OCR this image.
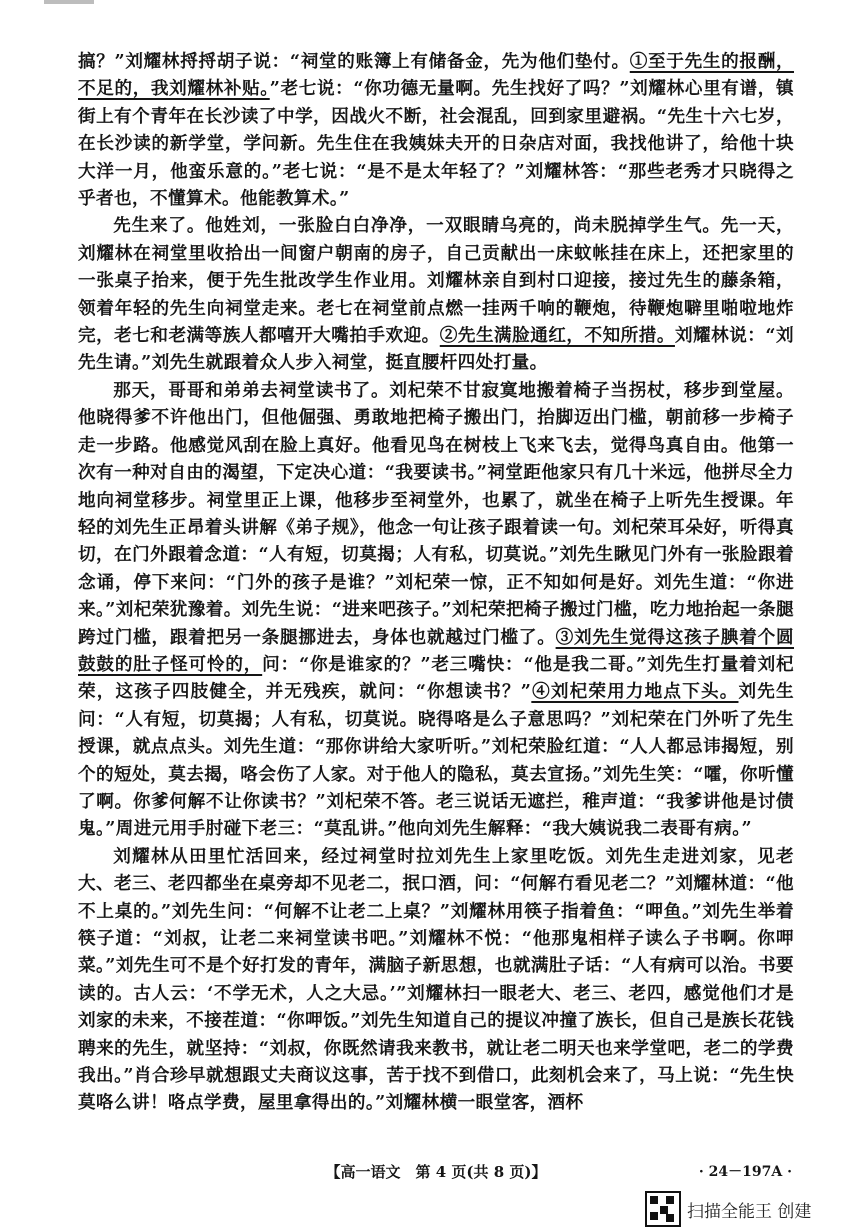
搞？”刘耀林捋捋胡子说：“祠堂的账簿上有储备金，先为他们垫付。①至于先生的报酬，不足的，我刘耀林补贴。”老七说：“你功德无量啊。先生找好了吗？”刘耀林心里有谱，镇街上有个青年在长沙读了中学，因战火不断，社会混乱，回到家里避祸。“先生十六七岁，在长沙读的新学堂，学问新。先生住在我姨妹夫开的日杂店对面，我找他讲了，给他十块大洋一月，他蛮乐意的。”老七说：“是不是太年轻了？”刘耀林答：“那些老秀才只晓得之乎者也，不懂算术。他能教算术。”

先生来了。他姓刘，一张脸白白净净，一双眼睛乌亮的，尚未脱掉学生气。先一天，刘耀林在祠堂里收拾出一间窗户朝南的房子，自己贡献出一床蚊帐挂在床上，还把家里的一张桌子抬来，便于先生批改学生作业用。刘耀林亲自到村口迎接，接过先生的藤条箱，领着年轻的先生向祠堂走来。老七在祠堂前点燃一挂两千响的鞭炮，待鞭炮噼里啪啦地炸完，老七和老满等族人都嘻开大嘴拍手欢迎。②先生满脸通红，不知所措。刘耀林说：“刘先生请。”刘先生就跟着众人步入祠堂，挺直腰杆四处打量。

那天，哥哥和弟弟去祠堂读书了。刘杞荣不甘寂寞地搬着椅子当拐杖，移步到堂屋。他晓得爹不许他出门，但他倔强、勇敢地把椅子搬出门，抬脚迈出门槛，朝前移一步椅子走一步路。他感觉风刮在脸上真好。他看见鸟在树枝上飞来飞去，觉得鸟真自由。他第一次有一种对自由的渴望，下定决心道：“我要读书。”祠堂距他家只有几十米远，他拼尽全力地向祠堂移步。祠堂里正上课，他移步至祠堂外，也累了，就坐在椅子上听先生授课。年轻的刘先生正昂着头讲解《弟子规》，他念一句让孩子跟着读一句。刘杞荣耳朵好，听得真切，在门外跟着念道：“人有短，切莫揭；人有私，切莫说。”刘先生瞅见门外有一张脸跟着念诵，停下来问：“门外的孩子是谁？”刘杞荣一惊，正不知如何是好。刘先生道：“你进来。”刘杞荣犹豫着。刘先生说：“进来吧孩子。”刘杞荣把椅子搬过门槛，吃力地抬起一条腿跨过门槛，跟着把另一条腿挪进去，身体也就越过门槛了。③刘先生觉得这孩子腆着个圆鼓鼓的肚子怪可怜的，问：“你是谁家的？”老三嘴快：“他是我二哥。”刘先生打量着刘杞荣，这孩子四肢健全，并无残疾，就问：“你想读书？”④刘杞荣用力地点下头。刘先生问：“人有短，切莫揭；人有私，切莫说。晓得咯是么子意思吗？”刘杞荣在门外听了先生授课，就点点头。刘先生道：“那你讲给大家听听。”刘杞荣脸红道：“人人都忌讳揭短，别个的短处，莫去揭，咯会伤了人家。对于他人的隐私，莫去宣扬。”刘先生笑：“嚯，你听懂了啊。你爹何解不让你读书？”刘杞荣不答。老三说话无遮拦，稚声道：“我爹讲他是讨债鬼。”周进元用手肘碰下老三：“莫乱讲。”他向刘先生解释：“我大姨说我二表哥有病。”

刘耀林从田里忙活回来，经过祠堂时拉刘先生上家里吃饭。刘先生走进刘家，见老大、老三、老四都坐在桌旁却不见老二，抿口酒，问：“何解冇看见老二？”刘耀林道：“他不上桌的。”刘先生问：“何解不让老二上桌？”刘耀林用筷子指着鱼：“呷鱼。”刘先生举着筷子道：“刘叔，让老二来祠堂读书吧。”刘耀林不悦：“他那鬼相样子读么子书啊。你呷菜。”刘先生可不是个好打发的青年，满脑子新思想，也就满肚子话：“人有病可以治。书要读的。古人云：‘不学无术，人之大忌。’”刘耀林扫一眼老大、老三、老四，感觉他们才是刘家的未来，不接茬道：“你呷饭。”刘先生知道自己的提议冲撞了族长，但自己是族长花钱聘来的先生，就坚持：“刘叔，你既然请我来教书，就让老二明天也来学堂吧，老二的学费我出。”肖合珍早就想跟丈夫商议这事，苦于找不到借口，此刻机会来了，马上说：“先生快莫咯么讲！咯点学费，屋里拿得出的。”刘耀林横一眼堂客，酒杯

【高一语文　第 4 页(共 8 页)】	· 24－197A ·
扫描全能王 创建
